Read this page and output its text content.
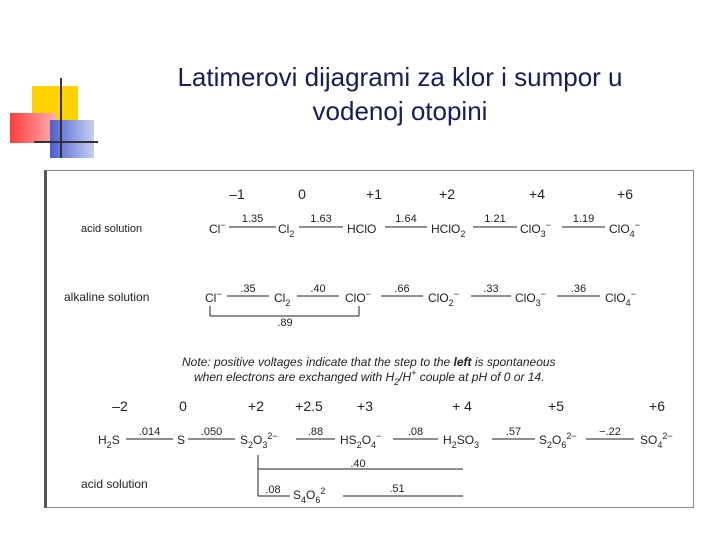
Latimerovi dijagrami za klor i sumpor u
vodenoj otopini
–1	0	+1	+2	+4	+6
acid solution	Cl−	$Cl_2$	HClO	HClO$_2$	ClO$_3$−	ClO$_4$−
1.35	1.63	1.64	1.21	1.19
alkaline solution	Cl−	$Cl_2$	ClO−	ClO$_2$−	ClO$_3$−	ClO$_4$−
.35	.40	.66	.33	.36
.89
Note: positive voltages indicate that the step to the left is spontaneous
when electrons are exchanged with $H_2/H^+$ couple at pH of 0 or 14.
–2	0	+2 +2.5 +3	+ 4	+5	+6
$H_2S$	S	$S_2O_3^{2-}$	$HS_2O_4^-$	$H_2SO_3$	$S_2O_6^{2-}$	$SO_4^{2-}$
.014	.050	.88	.08	.57	−.22
.40
acid solution
$S_4O_6^2$
.08	.51
